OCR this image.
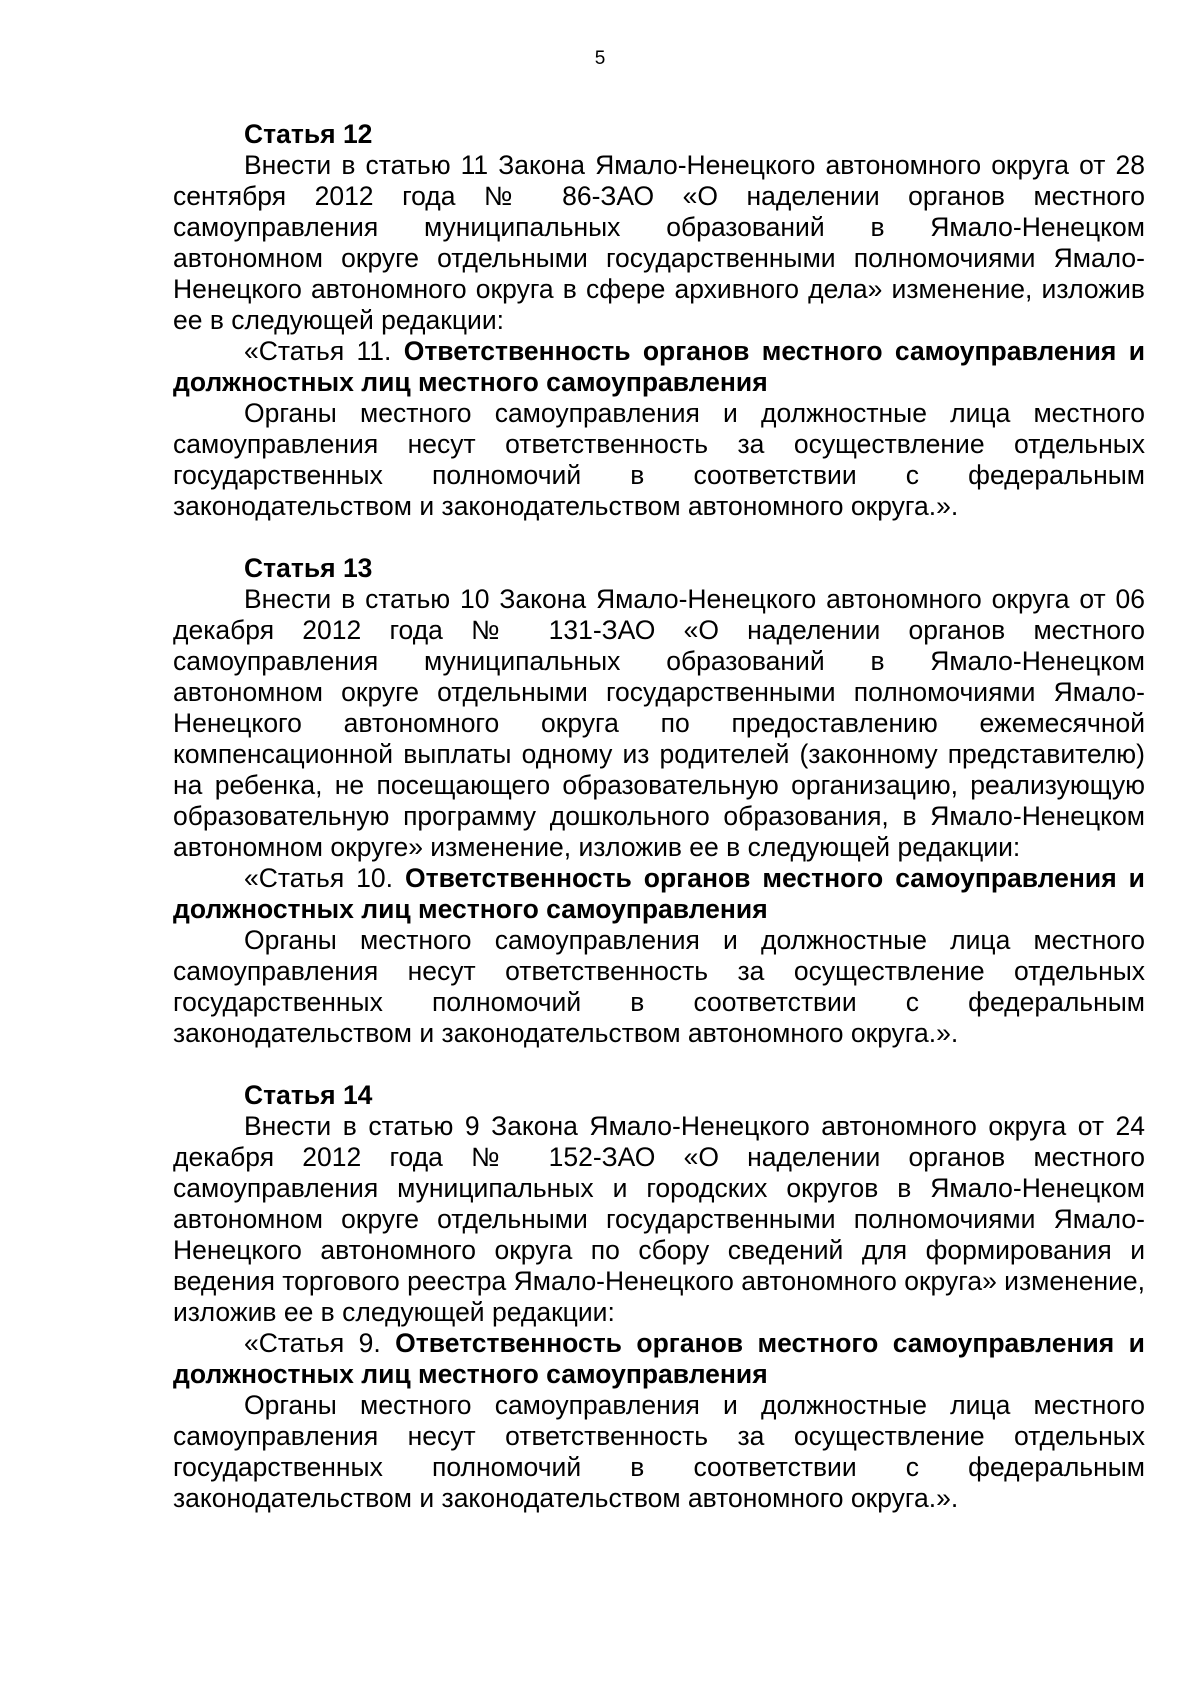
5
Статья 12

Внести в статью 11 Закона Ямало-Ненецкого автономного округа от 28 сентября 2012 года № 86-ЗАО «О наделении органов местного самоуправления муниципальных образований в Ямало-Ненецком автономном округе отдельными государственными полномочиями Ямало-Ненецкого автономного округа в сфере архивного дела» изменение, изложив ее в следующей редакции:

«Статья 11. Ответственность органов местного самоуправления и должностных лиц местного самоуправления

Органы местного самоуправления и должностные лица местного самоуправления несут ответственность за осуществление отдельных государственных полномочий в соответствии с федеральным законодательством и законодательством автономного округа.».

Статья 13

Внести в статью 10 Закона Ямало-Ненецкого автономного округа от 06 декабря 2012 года № 131-ЗАО «О наделении органов местного самоуправления муниципальных образований в Ямало-Ненецком автономном округе отдельными государственными полномочиями Ямало-Ненецкого автономного округа по предоставлению ежемесячной компенсационной выплаты одному из родителей (законному представителю) на ребенка, не посещающего образовательную организацию, реализующую образовательную программу дошкольного образования, в Ямало-Ненецком автономном округе» изменение, изложив ее в следующей редакции:

«Статья 10. Ответственность органов местного самоуправления и должностных лиц местного самоуправления

Органы местного самоуправления и должностные лица местного самоуправления несут ответственность за осуществление отдельных государственных полномочий в соответствии с федеральным законодательством и законодательством автономного округа.».

Статья 14

Внести в статью 9 Закона Ямало-Ненецкого автономного округа от 24 декабря 2012 года № 152-ЗАО «О наделении органов местного самоуправления муниципальных и городских округов в Ямало-Ненецком автономном округе отдельными государственными полномочиями Ямало-Ненецкого автономного округа по сбору сведений для формирования и ведения торгового реестра Ямало-Ненецкого автономного округа» изменение, изложив ее в следующей редакции:

«Статья 9. Ответственность органов местного самоуправления и должностных лиц местного самоуправления

Органы местного самоуправления и должностные лица местного самоуправления несут ответственность за осуществление отдельных государственных полномочий в соответствии с федеральным законодательством и законодательством автономного округа.».
